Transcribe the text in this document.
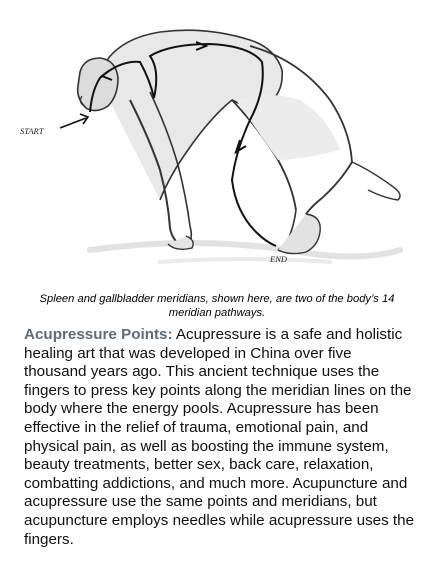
START
END
Spleen and gallbladder meridians, shown here, are two of the body’s 14 meridian pathways.

Acupressure Points: Acupressure is a safe and holistic healing art that was developed in China over five thousand years ago. This ancient technique uses the fingers to press key points along the meridian lines on the body where the energy pools. Acupressure has been effective in the relief of trauma, emotional pain, and physical pain, as well as boosting the immune system, beauty treatments, better sex, back care, relaxation, combatting addictions, and much more. Acupuncture and acupressure use the same points and meridians, but acupuncture employs needles while acupressure uses the fingers.
